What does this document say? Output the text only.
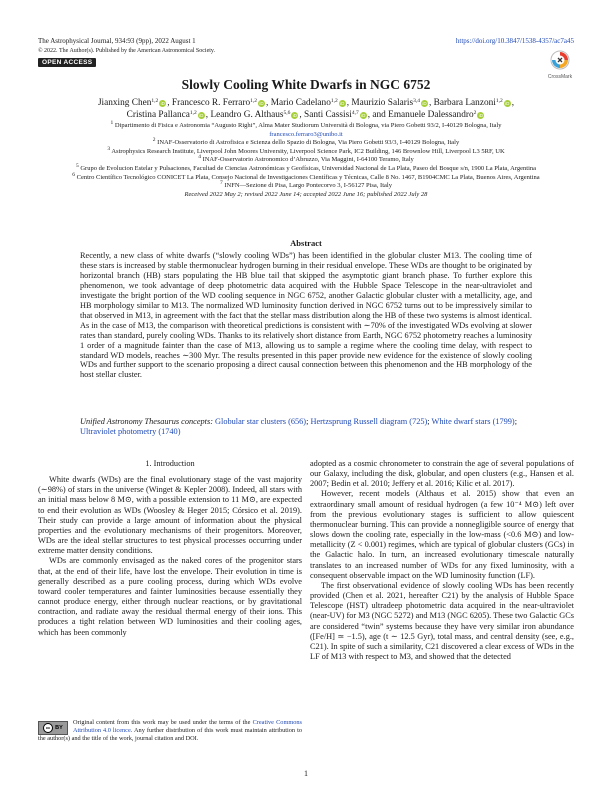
The Astrophysical Journal, 934:93 (9pp), 2022 August 1	https://doi.org/10.3847/1538-4357/ac7a45
© 2022. The Author(s). Published by the American Astronomical Society.
OPEN ACCESS
CrossMark
Slowly Cooling White Dwarfs in NGC 6752
Jianxing Chen$^{1,2}$ iD , Francesco R. Ferraro$^{1,2}$ iD , Mario Cadelano$^{1,2}$ iD , Maurizio Salaris$^{3,4}$ iD , Barbara Lanzoni$^{1,2}$ iD , Cristina Pallanca$^{1,2}$ iD , Leandro G. Althaus$^{5,6}$ iD , Santi Cassisi$^{4,7}$ iD , and Emanuele Dalessandro$^2$ iD
$^1$ Dipartimento di Fisica e Astronomia “Augusto Righi”, Alma Mater Studiorum Università di Bologna, via Piero Gobetti 93/2, I-40129 Bologna, Italy
francesco.ferraro3@unibo.it
$^2$ INAF-Osservatorio di Astrofisica e Scienza dello Spazio di Bologna, Via Piero Gobetti 93/3, I-40129 Bologna, Italy
$^3$ Astrophysics Research Institute, Liverpool John Moores University, Liverpool Science Park, IC2 Building, 146 Brownlow Hill, Liverpool L3 5RF, UK
$^4$ INAF-Osservatorio Astronomico d’Abruzzo, Via Maggini, I-64100 Teramo, Italy
$^5$ Grupo de Evolucion Estelar y Pulsaciones, Facultad de Ciencias Astronómicas y Geofísicas, Universidad Nacional de La Plata, Paseo del Bosque s/n, 1900 La Plata, Argentina
$^6$ Centro Científico Tecnológico CONICET La Plata, Consejo Nacional de Investigaciones Científicas y Técnicas, Calle 8 No. 1467, B1904CMC La Plata, Buenos Aires, Argentina
$^7$ INFN—Sezione di Pisa, Largo Pontecorvo 3, I-56127 Pisa, Italy
Received 2022 May 2; revised 2022 June 14; accepted 2022 June 16; published 2022 July 28
Abstract

Recently, a new class of white dwarfs (“slowly cooling WDs”) has been identified in the globular cluster M13. The cooling time of these stars is increased by stable thermonuclear hydrogen burning in their residual envelope. These WDs are thought to be originated by horizontal branch (HB) stars populating the HB blue tail that skipped the asymptotic giant branch phase. To further explore this phenomenon, we took advantage of deep photometric data acquired with the Hubble Space Telescope in the near-ultraviolet and investigate the bright portion of the WD cooling sequence in NGC 6752, another Galactic globular cluster with a metallicity, age, and HB morphology similar to M13. The normalized WD luminosity function derived in NGC 6752 turns out to be impressively similar to that observed in M13, in agreement with the fact that the stellar mass distribution along the HB of these two systems is almost identical. As in the case of M13, the comparison with theoretical predictions is consistent with ∼70% of the investigated WDs evolving at slower rates than standard, purely cooling WDs. Thanks to its relatively short distance from Earth, NGC 6752 photometry reaches a luminosity 1 order of a magnitude fainter than the case of M13, allowing us to sample a regime where the cooling time delay, with respect to standard WD models, reaches ∼300 Myr. The results presented in this paper provide new evidence for the existence of slowly cooling WDs and further support to the scenario proposing a direct causal connection between this phenomenon and the HB morphology of the host stellar cluster.

Unified Astronomy Thesaurus concepts: Globular star clusters (656); Hertzsprung Russell diagram (725); White dwarf stars (1799); Ultraviolet photometry (1740)

1. Introduction

White dwarfs (WDs) are the final evolutionary stage of the vast majority (∼98%) of stars in the universe (Winget & Kepler 2008). Indeed, all stars with an initial mass below 8 M⊙, with a possible extension to 11 M⊙, are expected to end their evolution as WDs (Woosley & Heger 2015; Córsico et al. 2019). Their study can provide a large amount of information about the physical properties and the evolutionary mechanisms of their progenitors. Moreover, WDs are the ideal stellar structures to test physical processes occurring under extreme matter density conditions.

WDs are commonly envisaged as the naked cores of the progenitor stars that, at the end of their life, have lost the envelope. Their evolution in time is generally described as a pure cooling process, during which WDs evolve toward cooler temperatures and fainter luminosities because essentially they cannot produce energy, either through nuclear reactions, or by gravitational contraction, and radiate away the residual thermal energy of their ions. This produces a tight relation between WD luminosities and their cooling ages, which has been commonly

adopted as a cosmic chronometer to constrain the age of several populations of our Galaxy, including the disk, globular, and open clusters (e.g., Hansen et al. 2007; Bedin et al. 2010; Jeffery et al. 2016; Kilic et al. 2017).

However, recent models (Althaus et al. 2015) show that even an extraordinary small amount of residual hydrogen (a few 10⁻⁴ M⊙) left over from the previous evolutionary stages is sufficient to allow quiescent thermonuclear burning. This can provide a nonnegligible source of energy that slows down the cooling rate, especially in the low-mass (<0.6 M⊙) and low-metallicity (Z < 0.001) regimes, which are typical of globular clusters (GCs) in the Galactic halo. In turn, an increased evolutionary timescale naturally translates to an increased number of WDs for any fixed luminosity, with a consequent observable impact on the WD luminosity function (LF).

The first observational evidence of slowly cooling WDs has been recently provided (Chen et al. 2021, hereafter C21) by the analysis of Hubble Space Telescope (HST) ultradeep photometric data acquired in the near-ultraviolet (near-UV) for M3 (NGC 5272) and M13 (NGC 6205). These two Galactic GCs are considered “twin” systems because they have very similar iron abundance ([Fe/H] ≃ −1.5), age (t ∼ 12.5 Gyr), total mass, and central density (see, e.g., C21). In spite of such a similarity, C21 discovered a clear excess of WDs in the LF of M13 with respect to M3, and showed that the detected

cc BY
Original content from this work may be used under the terms of the Creative Commons Attribution 4.0 licence. Any further distribution of this work must maintain attribution to the author(s) and the title of the work, journal citation and DOI.
1
